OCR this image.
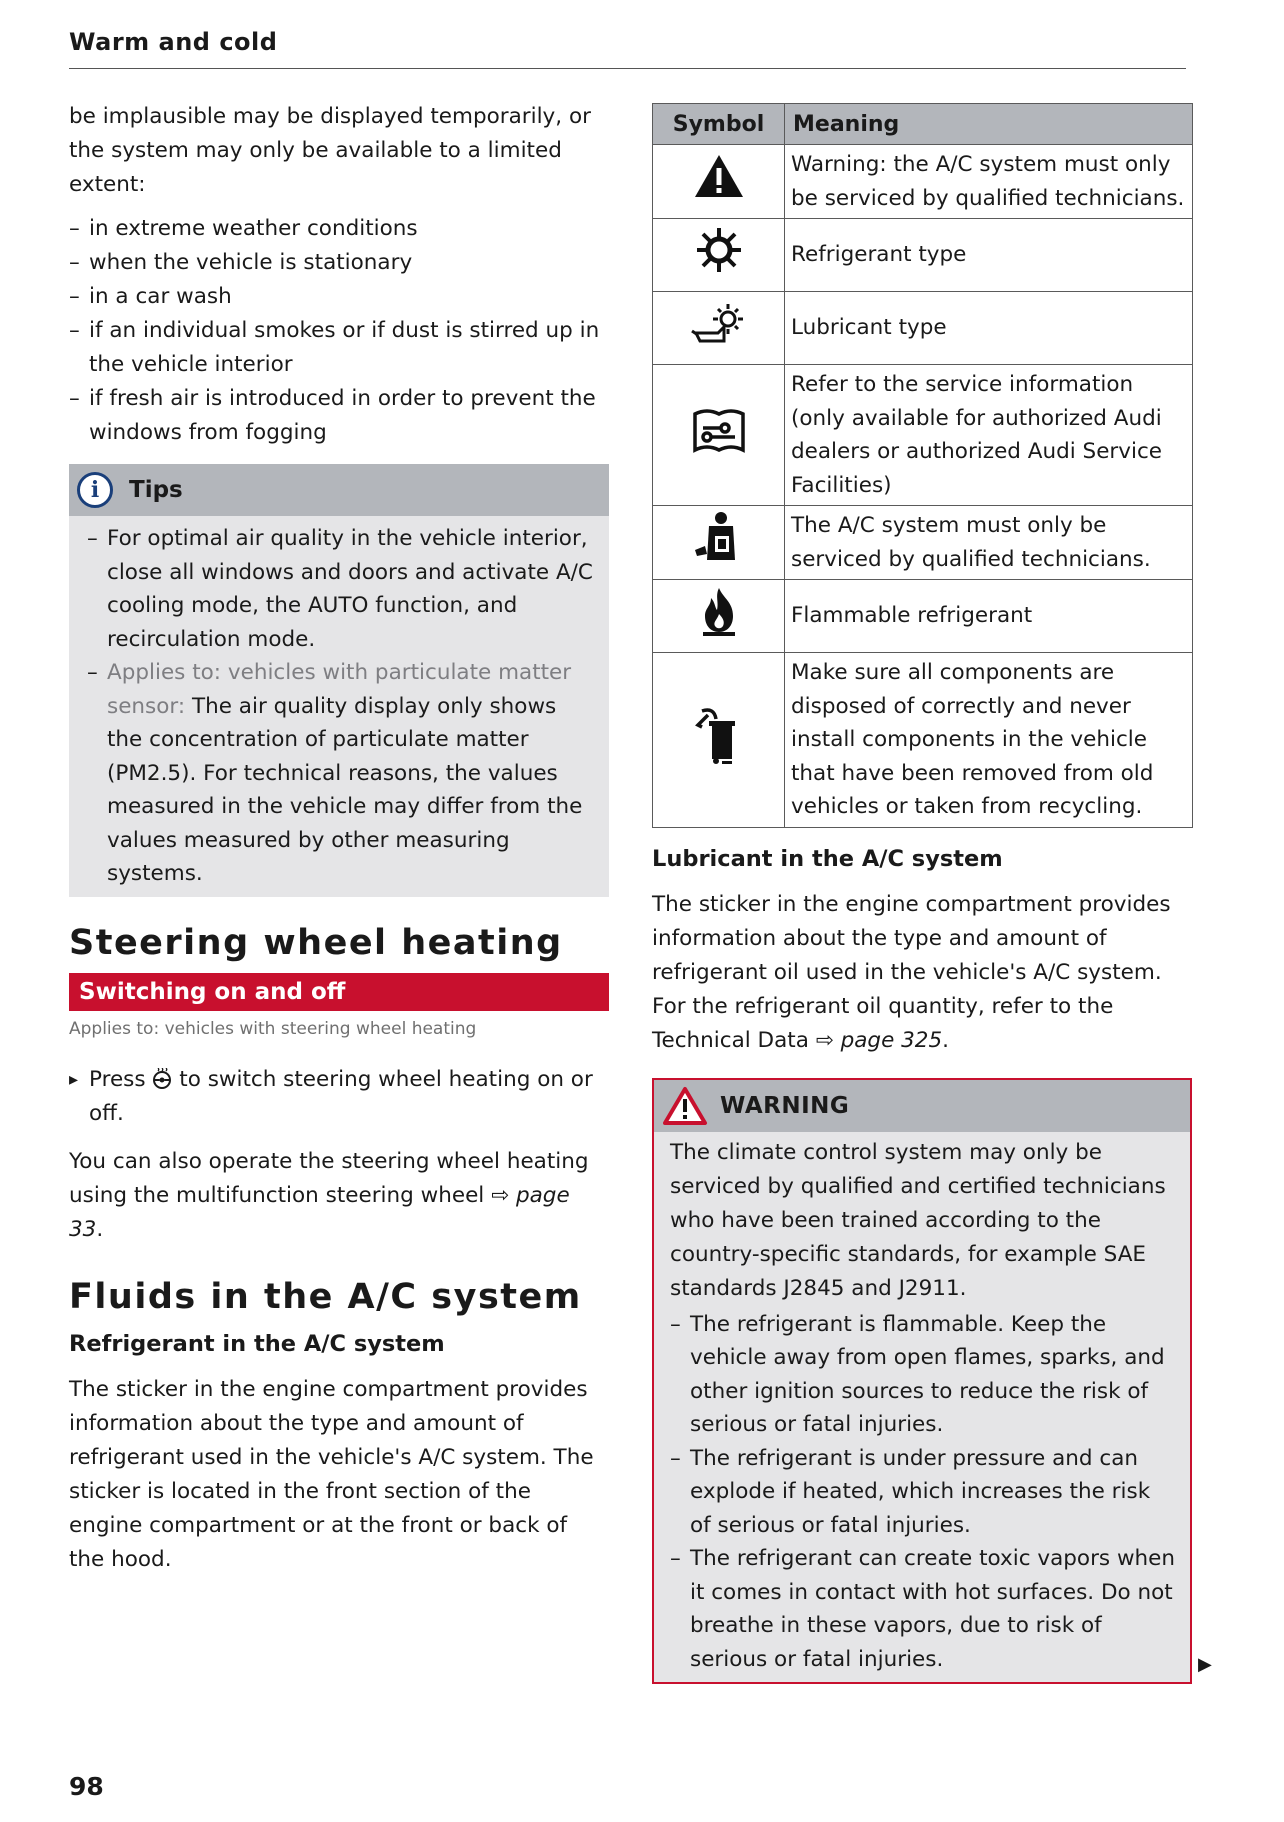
Warm and cold

be implausible may be displayed temporarily, or the system may only be available to a limited extent:

– in extreme weather conditions
– when the vehicle is stationary
– in a car wash
– if an individual smokes or if dust is stirred up in the vehicle interior
– if fresh air is introduced in order to prevent the windows from fogging
i	Tips
– For optimal air quality in the vehicle interior, close all windows and doors and activate A/C cooling mode, the AUTO function, and recirculation mode.
– Applies to: vehicles with particulate matter sensor: The air quality display only shows the concentration of particulate matter (PM2.5). For technical reasons, the values measured in the vehicle may differ from the values measured by other measuring systems.
Steering wheel heating
Switching on and off
Applies to: vehicles with steering wheel heating

▸ Press to switch steering wheel heating on or off.

You can also operate the steering wheel heating using the multifunction steering wheel ⇨ page 33.

Fluids in the A/C system
Refrigerant in the A/C system

The sticker in the engine compartment provides information about the type and amount of refrigerant used in the vehicle's A/C system. The sticker is located in the front section of the engine compartment or at the front or back of the hood.

Symbol	Meaning
	Warning: the A/C system must only be serviced by qualified technicians.
	Refrigerant type
	Lubricant type
	Refer to the service information (only available for authorized Audi dealers or authorized Audi Service Facilities)
	The A/C system must only be serviced by qualified technicians.
	Flammable refrigerant
	Make sure all components are disposed of correctly and never install components in the vehicle that have been removed from old vehicles or taken from recycling.
Lubricant in the A/C system

The sticker in the engine compartment provides information about the type and amount of refrigerant oil used in the vehicle's A/C system. For the refrigerant oil quantity, refer to the Technical Data ⇨ page 325.

WARNING

The climate control system may only be serviced by qualified and certified technicians who have been trained according to the country-specific standards, for example SAE standards J2845 and J2911.

– The refrigerant is flammable. Keep the vehicle away from open flames, sparks, and other ignition sources to reduce the risk of serious or fatal injuries.
– The refrigerant is under pressure and can explode if heated, which increases the risk of serious or fatal injuries.
– The refrigerant can create toxic vapors when it comes in contact with hot surfaces. Do not breathe in these vapors, due to risk of serious or fatal injuries.	▶
98
